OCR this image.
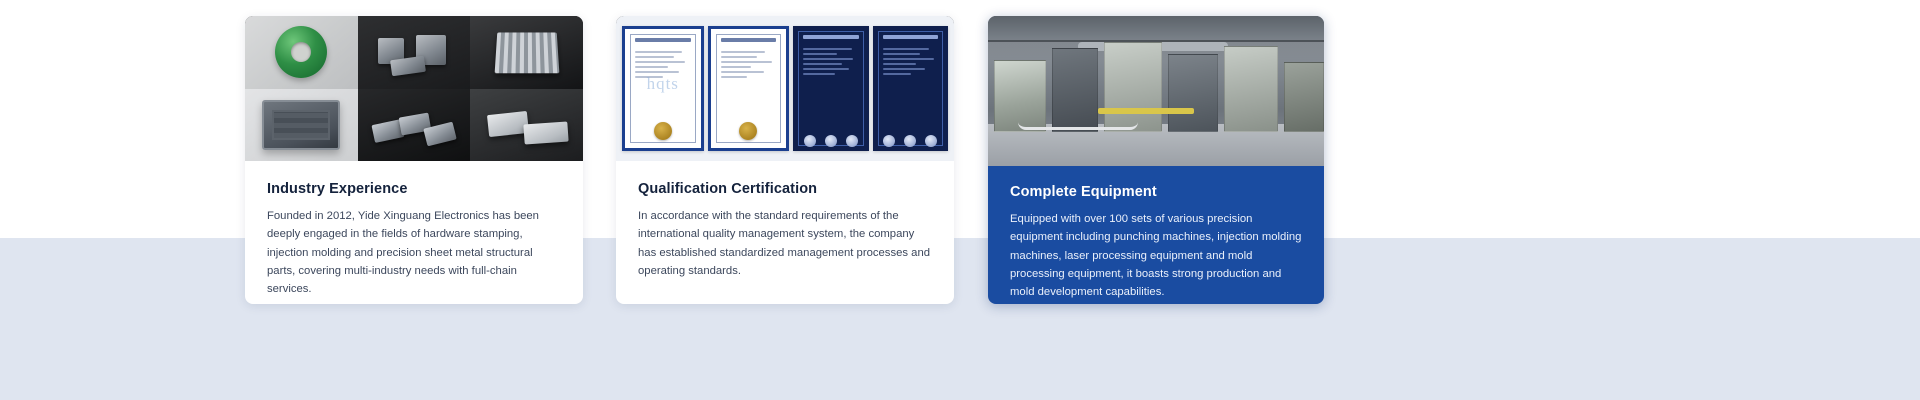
Industry Experience
Founded in 2012, Yide Xinguang Electronics has been deeply engaged in the fields of hardware stamping, injection molding and precision sheet metal structural parts, covering multi-industry needs with full-chain services.
hqts
Qualification Certification
In accordance with the standard requirements of the international quality management system, the company has established standardized management processes and operating standards.
Complete Equipment
Equipped with over 100 sets of various precision equipment including punching machines, injection molding machines, laser processing equipment and mold processing equipment, it boasts strong production and mold development capabilities.
